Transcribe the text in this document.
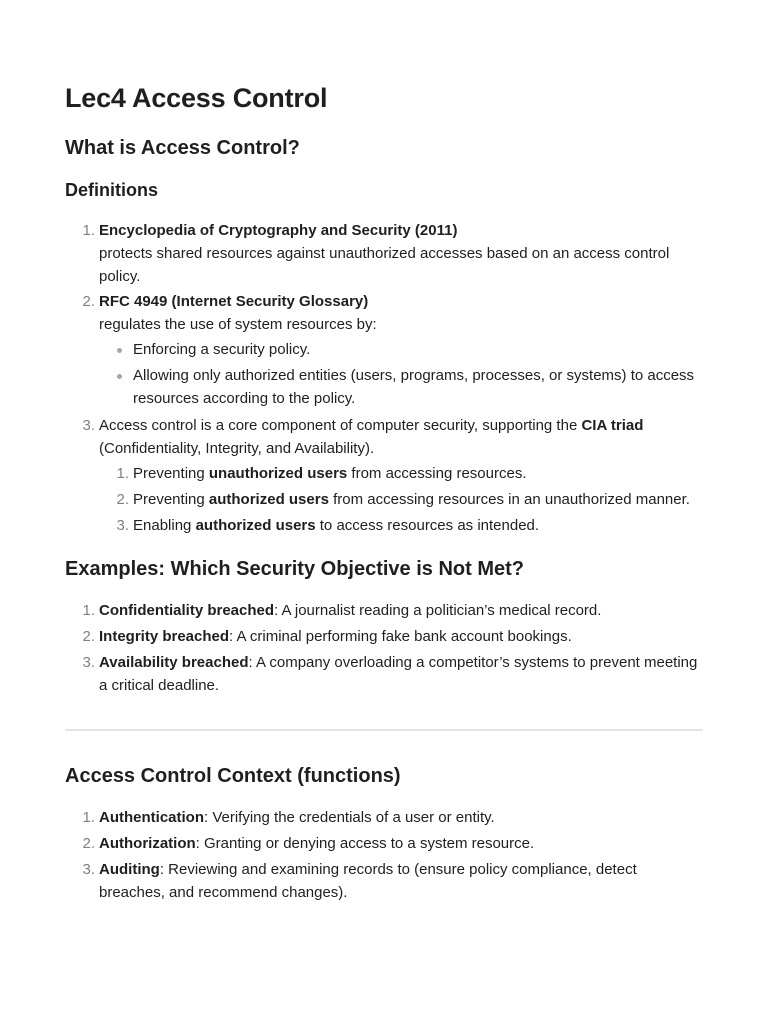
Lec4 Access Control
What is Access Control?
Definitions
1. Encyclopedia of Cryptography and Security (2011)
protects shared resources against unauthorized accesses based on an access control policy.
2. RFC 4949 (Internet Security Glossary)
regulates the use of system resources by:
Enforcing a security policy.
Allowing only authorized entities (users, programs, processes, or systems) to access resources according to the policy.
3. Access control is a core component of computer security, supporting the CIA triad (Confidentiality, Integrity, and Availability).
1. Preventing unauthorized users from accessing resources.
2. Preventing authorized users from accessing resources in an unauthorized manner.
3. Enabling authorized users to access resources as intended.
Examples: Which Security Objective is Not Met?
1. Confidentiality breached: A journalist reading a politician’s medical record.
2. Integrity breached: A criminal performing fake bank account bookings.
3. Availability breached: A company overloading a competitor’s systems to prevent meeting a critical deadline.
Access Control Context (functions)
1. Authentication: Verifying the credentials of a user or entity.
2. Authorization: Granting or denying access to a system resource.
3. Auditing: Reviewing and examining records to (ensure policy compliance, detect breaches, and recommend changes).
